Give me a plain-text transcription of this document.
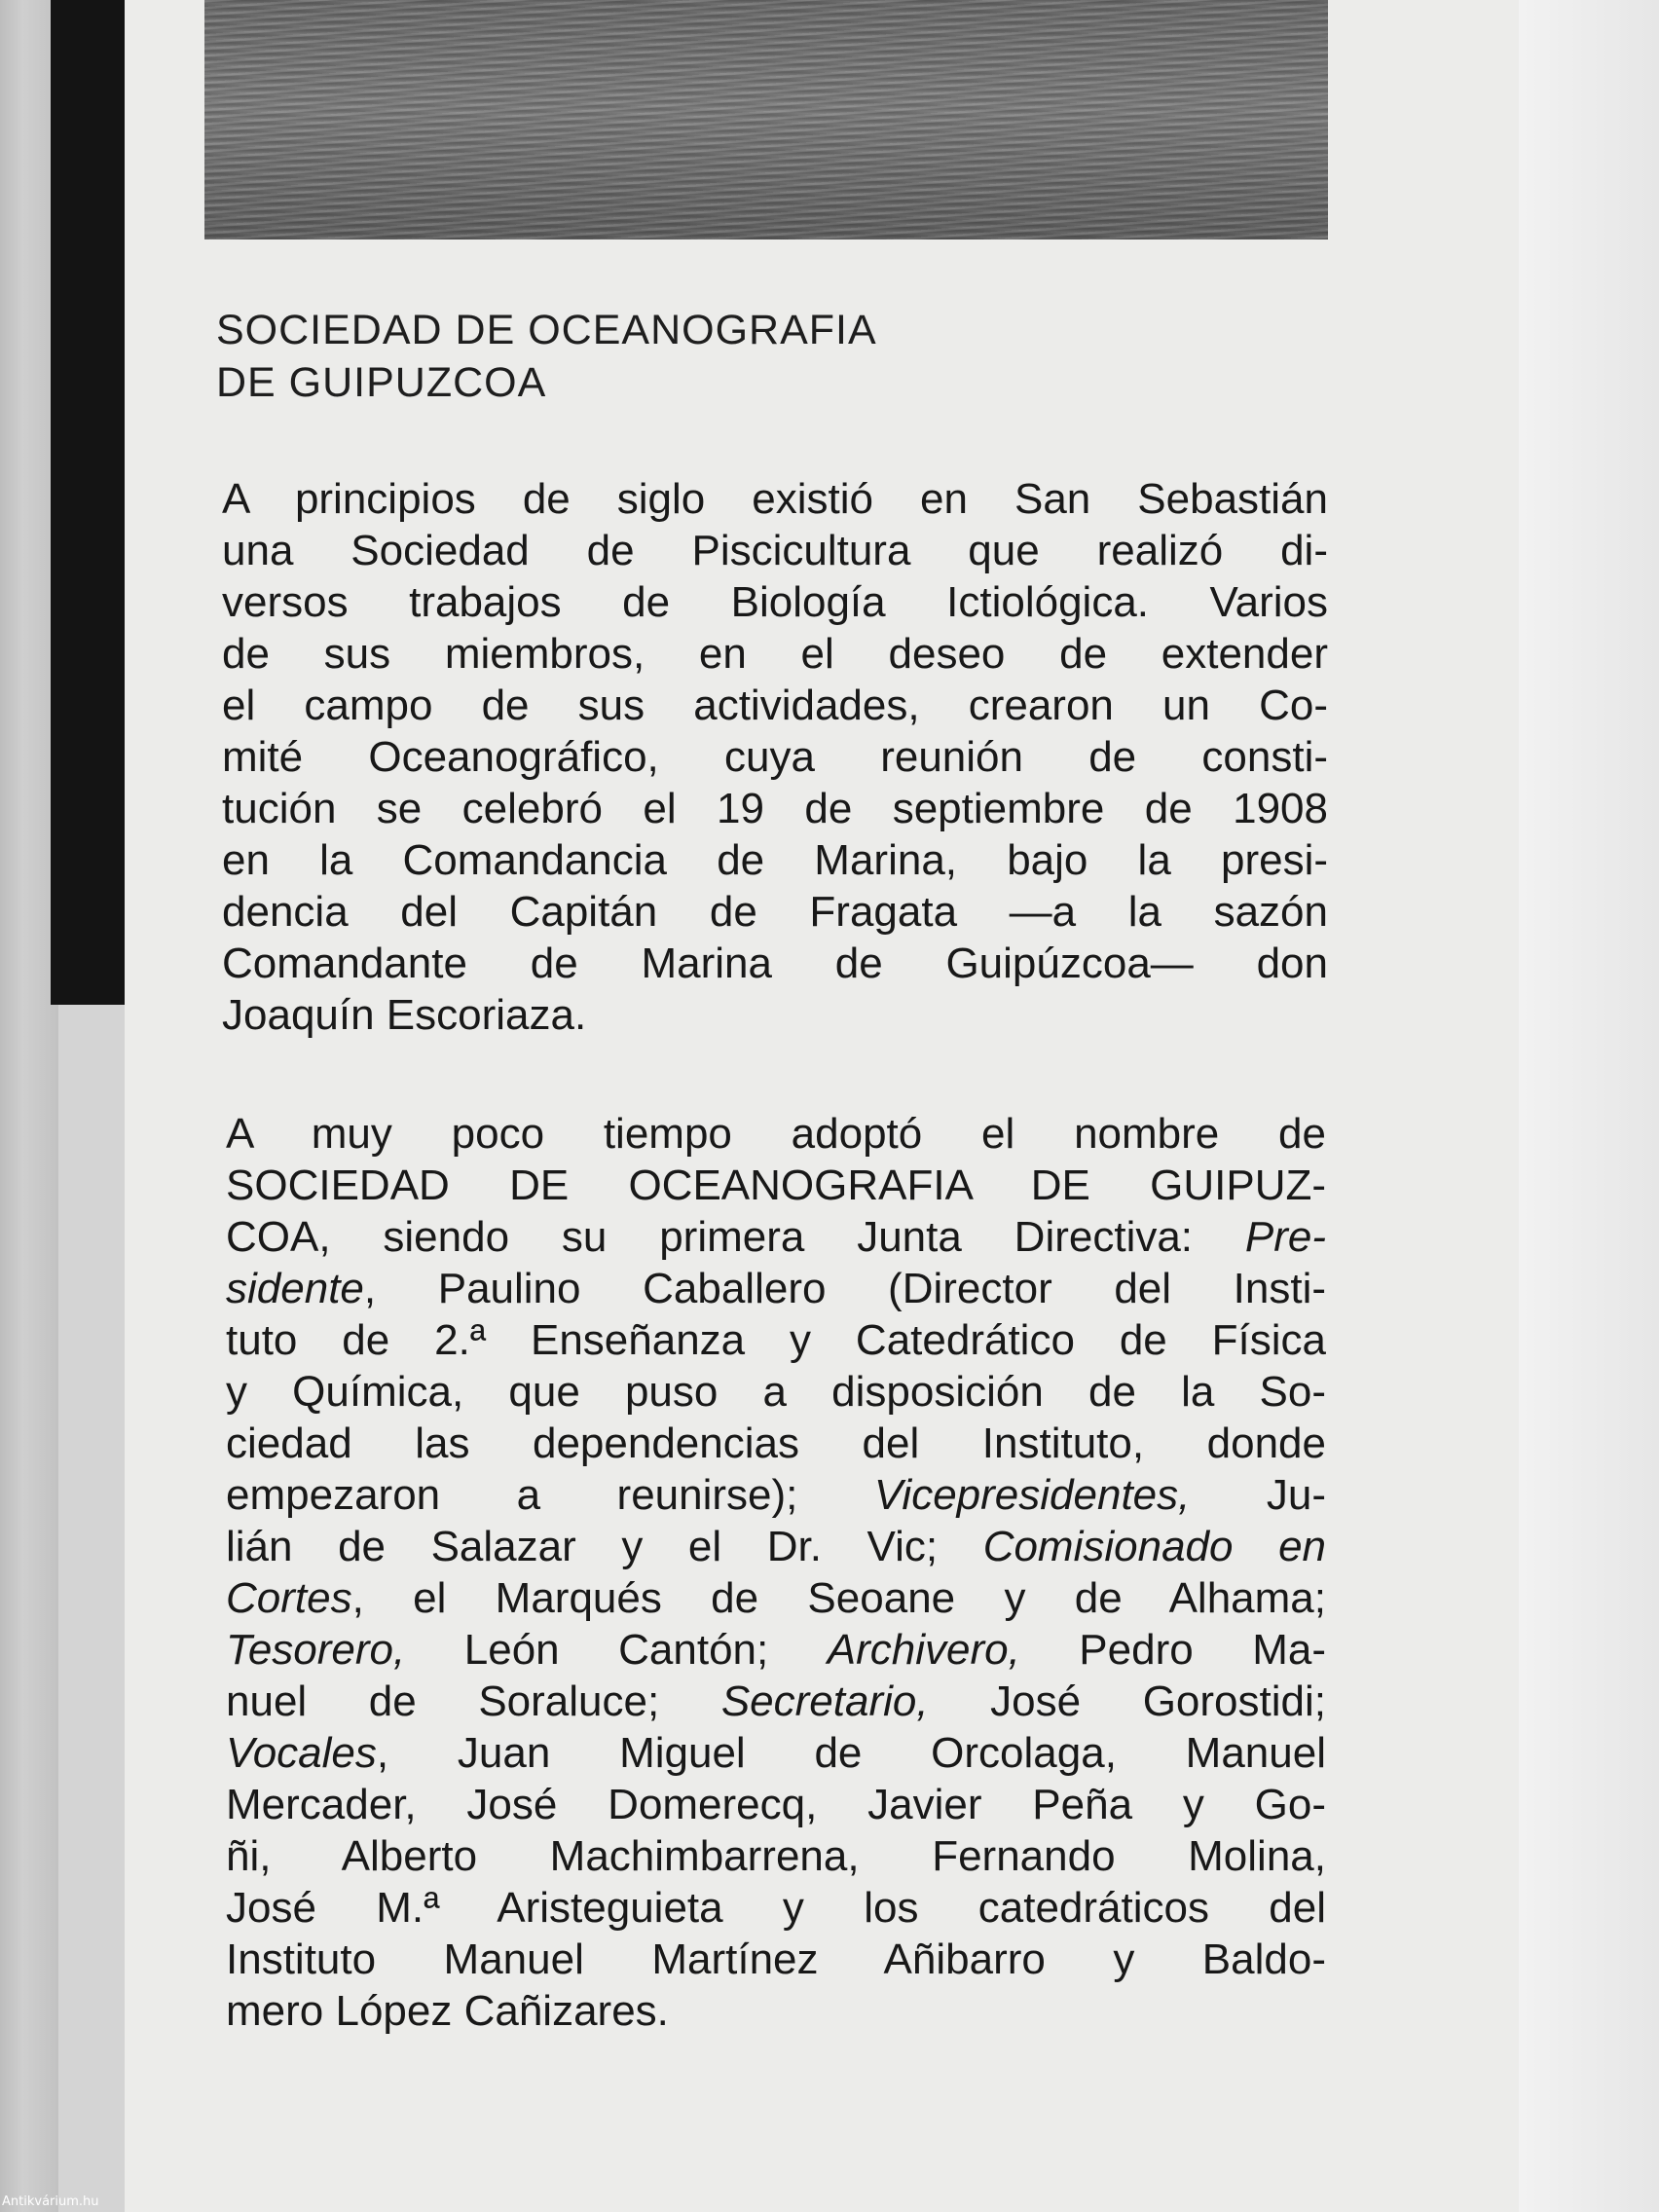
SOCIEDAD DE OCEANOGRAFIA
DE GUIPUZCOA
A principios de siglo existió en San Sebastián
una Sociedad de Piscicultura que realizó di-
versos trabajos de Biología Ictiológica. Varios
de sus miembros, en el deseo de extender
el campo de sus actividades, crearon un Co-
mité Oceanográfico, cuya reunión de consti-
tución se celebró el 19 de septiembre de 1908
en la Comandancia de Marina, bajo la presi-
dencia del Capitán de Fragata —a la sazón
Comandante de Marina de Guipúzcoa— don
Joaquín Escoriaza.
A muy poco tiempo adoptó el nombre de
SOCIEDAD DE OCEANOGRAFIA DE GUIPUZ-
COA, siendo su primera Junta Directiva: Pre-
sidente, Paulino Caballero (Director del Insti-
tuto de 2.ª Enseñanza y Catedrático de Física
y Química, que puso a disposición de la So-
ciedad las dependencias del Instituto, donde
empezaron a reunirse); Vicepresidentes, Ju-
lián de Salazar y el Dr. Vic; Comisionado en
Cortes, el Marqués de Seoane y de Alhama;
Tesorero, León Cantón; Archivero, Pedro Ma-
nuel de Soraluce; Secretario, José Gorostidi;
Vocales, Juan Miguel de Orcolaga, Manuel
Mercader, José Domerecq, Javier Peña y Go-
ñi, Alberto Machimbarrena, Fernando Molina,
José M.ª Aristeguieta y los catedráticos del
Instituto Manuel Martínez Añibarro y Baldo-
mero López Cañizares.
Antikvárium.hu
